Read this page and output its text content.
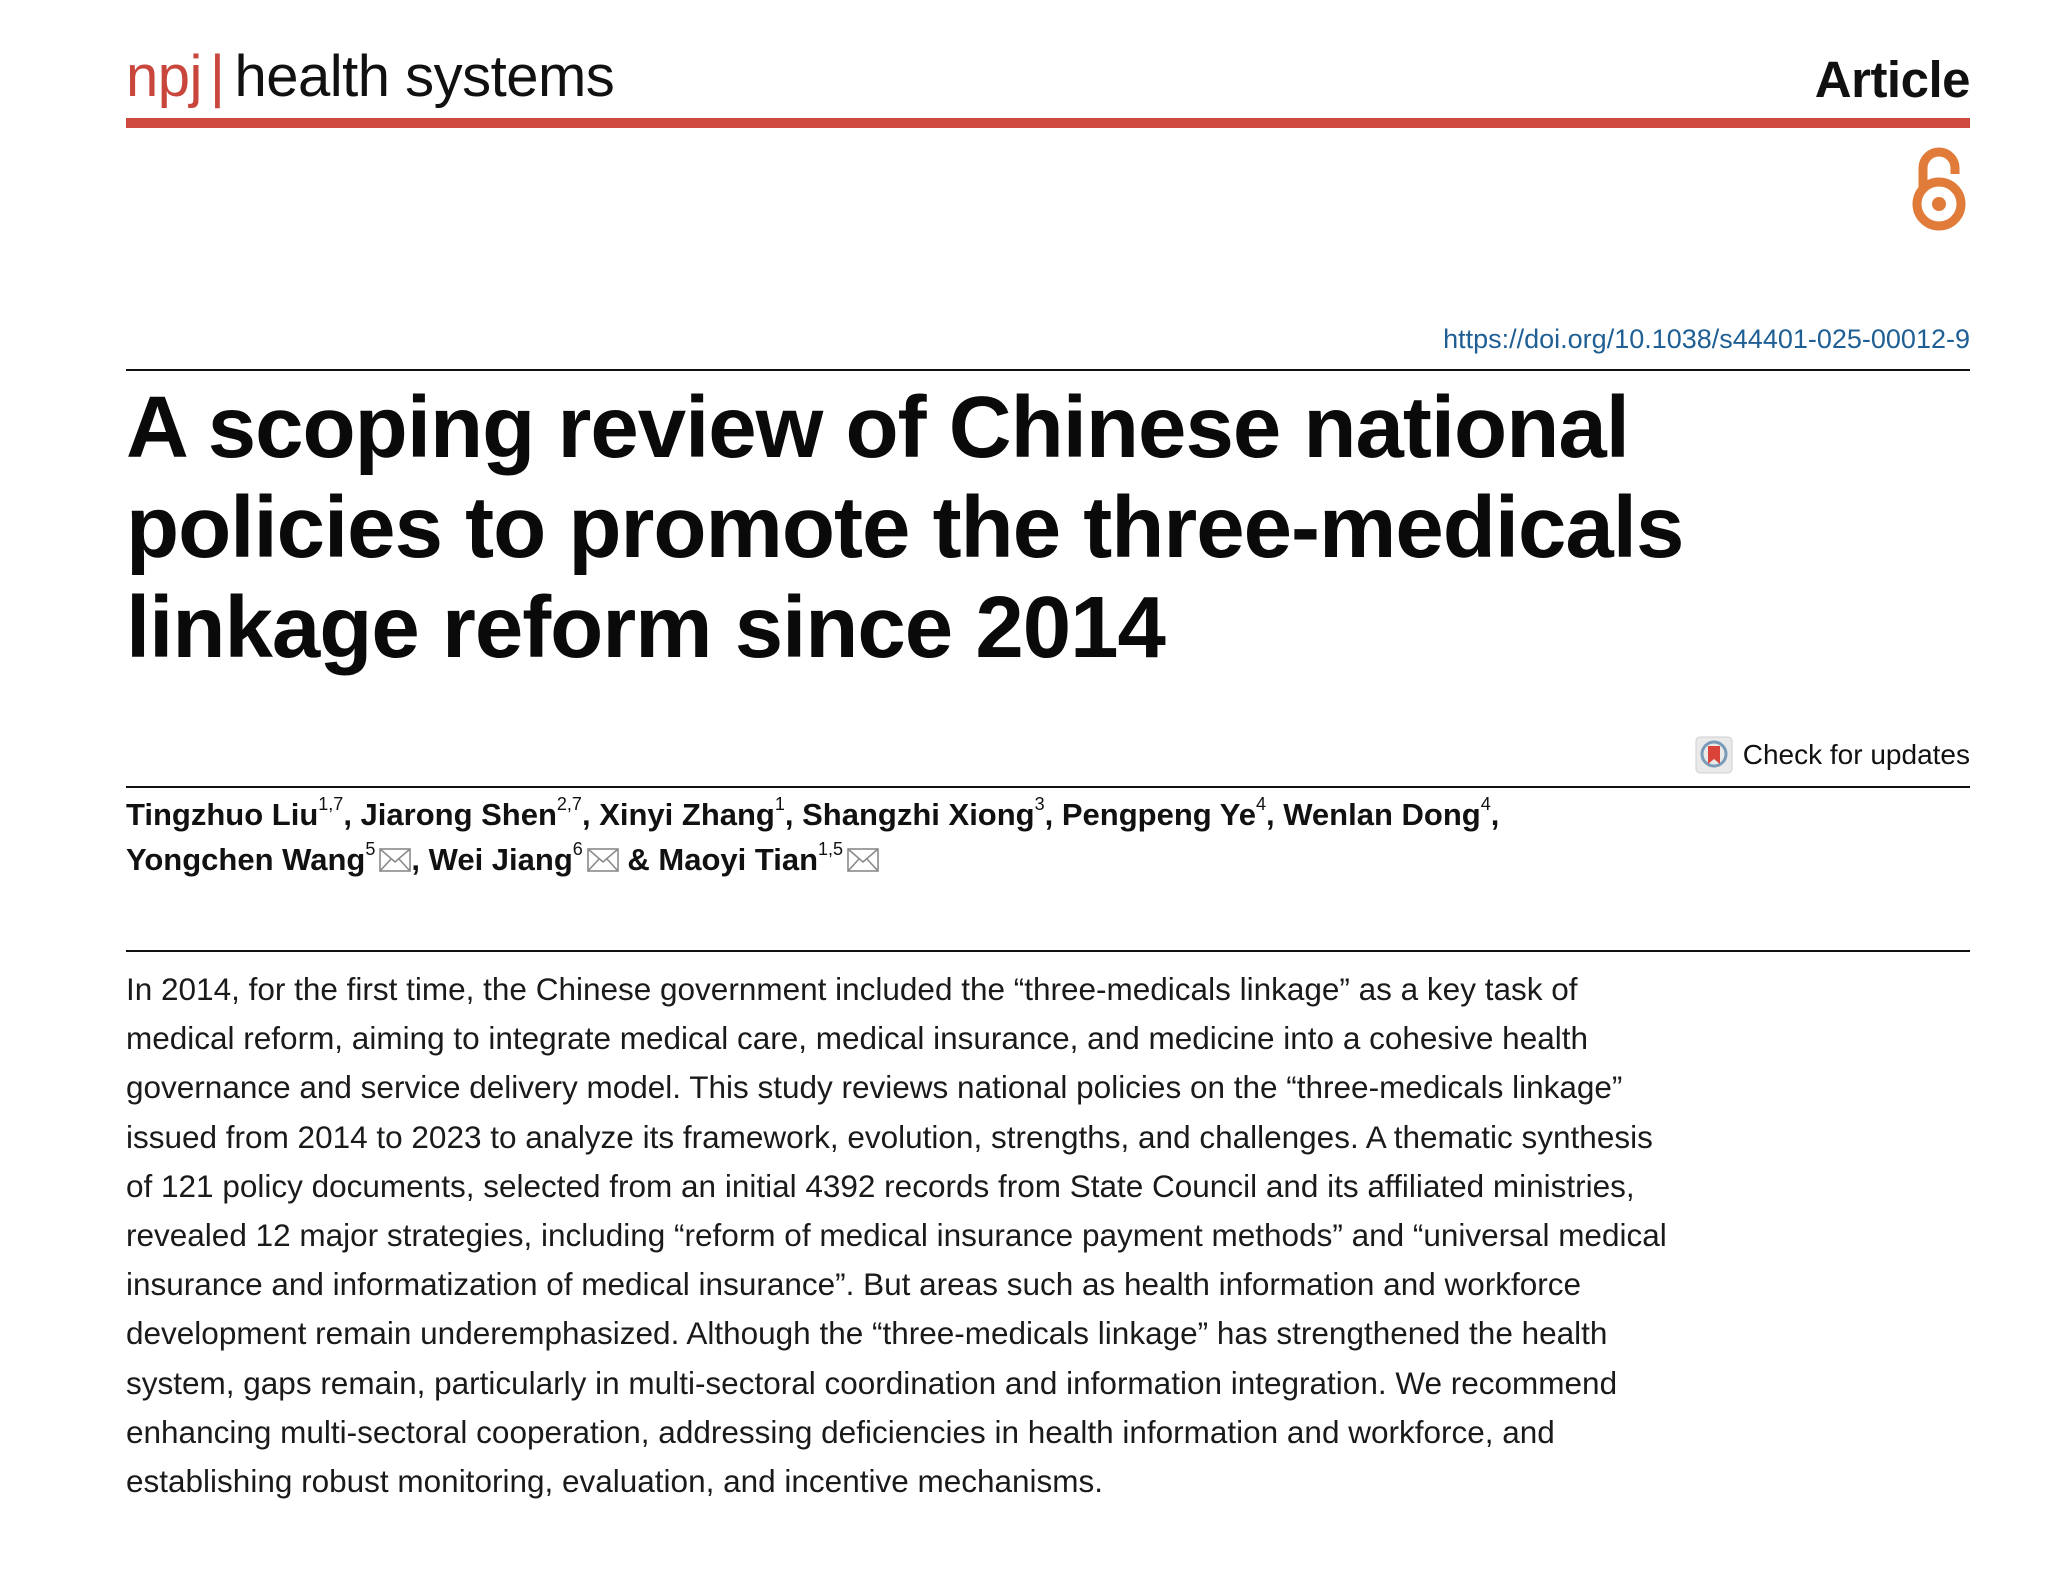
npj | health systems	Article
https://doi.org/10.1038/s44401-025-00012-9
A scoping review of Chinese national policies to promote the three-medicals linkage reform since 2014
Check for updates
Tingzhuo Liu$^{1,7}$, Jiarong Shen$^{2,7}$, Xinyi Zhang$^1$, Shangzhi Xiong$^3$, Pengpeng Ye$^4$, Wenlan Dong$^4$,
Yongchen Wang$^5$ , Wei Jiang$^6$ & Maoyi Tian$^{1,5}$

In 2014, for the first time, the Chinese government included the “three-medicals linkage” as a key task of medical reform, aiming to integrate medical care, medical insurance, and medicine into a cohesive health governance and service delivery model. This study reviews national policies on the “three-medicals linkage” issued from 2014 to 2023 to analyze its framework, evolution, strengths, and challenges. A thematic synthesis of 121 policy documents, selected from an initial 4392 records from State Council and its affiliated ministries, revealed 12 major strategies, including “reform of medical insurance payment methods” and “universal medical insurance and informatization of medical insurance”. But areas such as health information and workforce development remain underemphasized. Although the “three-medicals linkage” has strengthened the health system, gaps remain, particularly in multi-sectoral coordination and information integration. We recommend enhancing multi-sectoral cooperation, addressing deficiencies in health information and workforce, and establishing robust monitoring, evaluation, and incentive mechanisms.
